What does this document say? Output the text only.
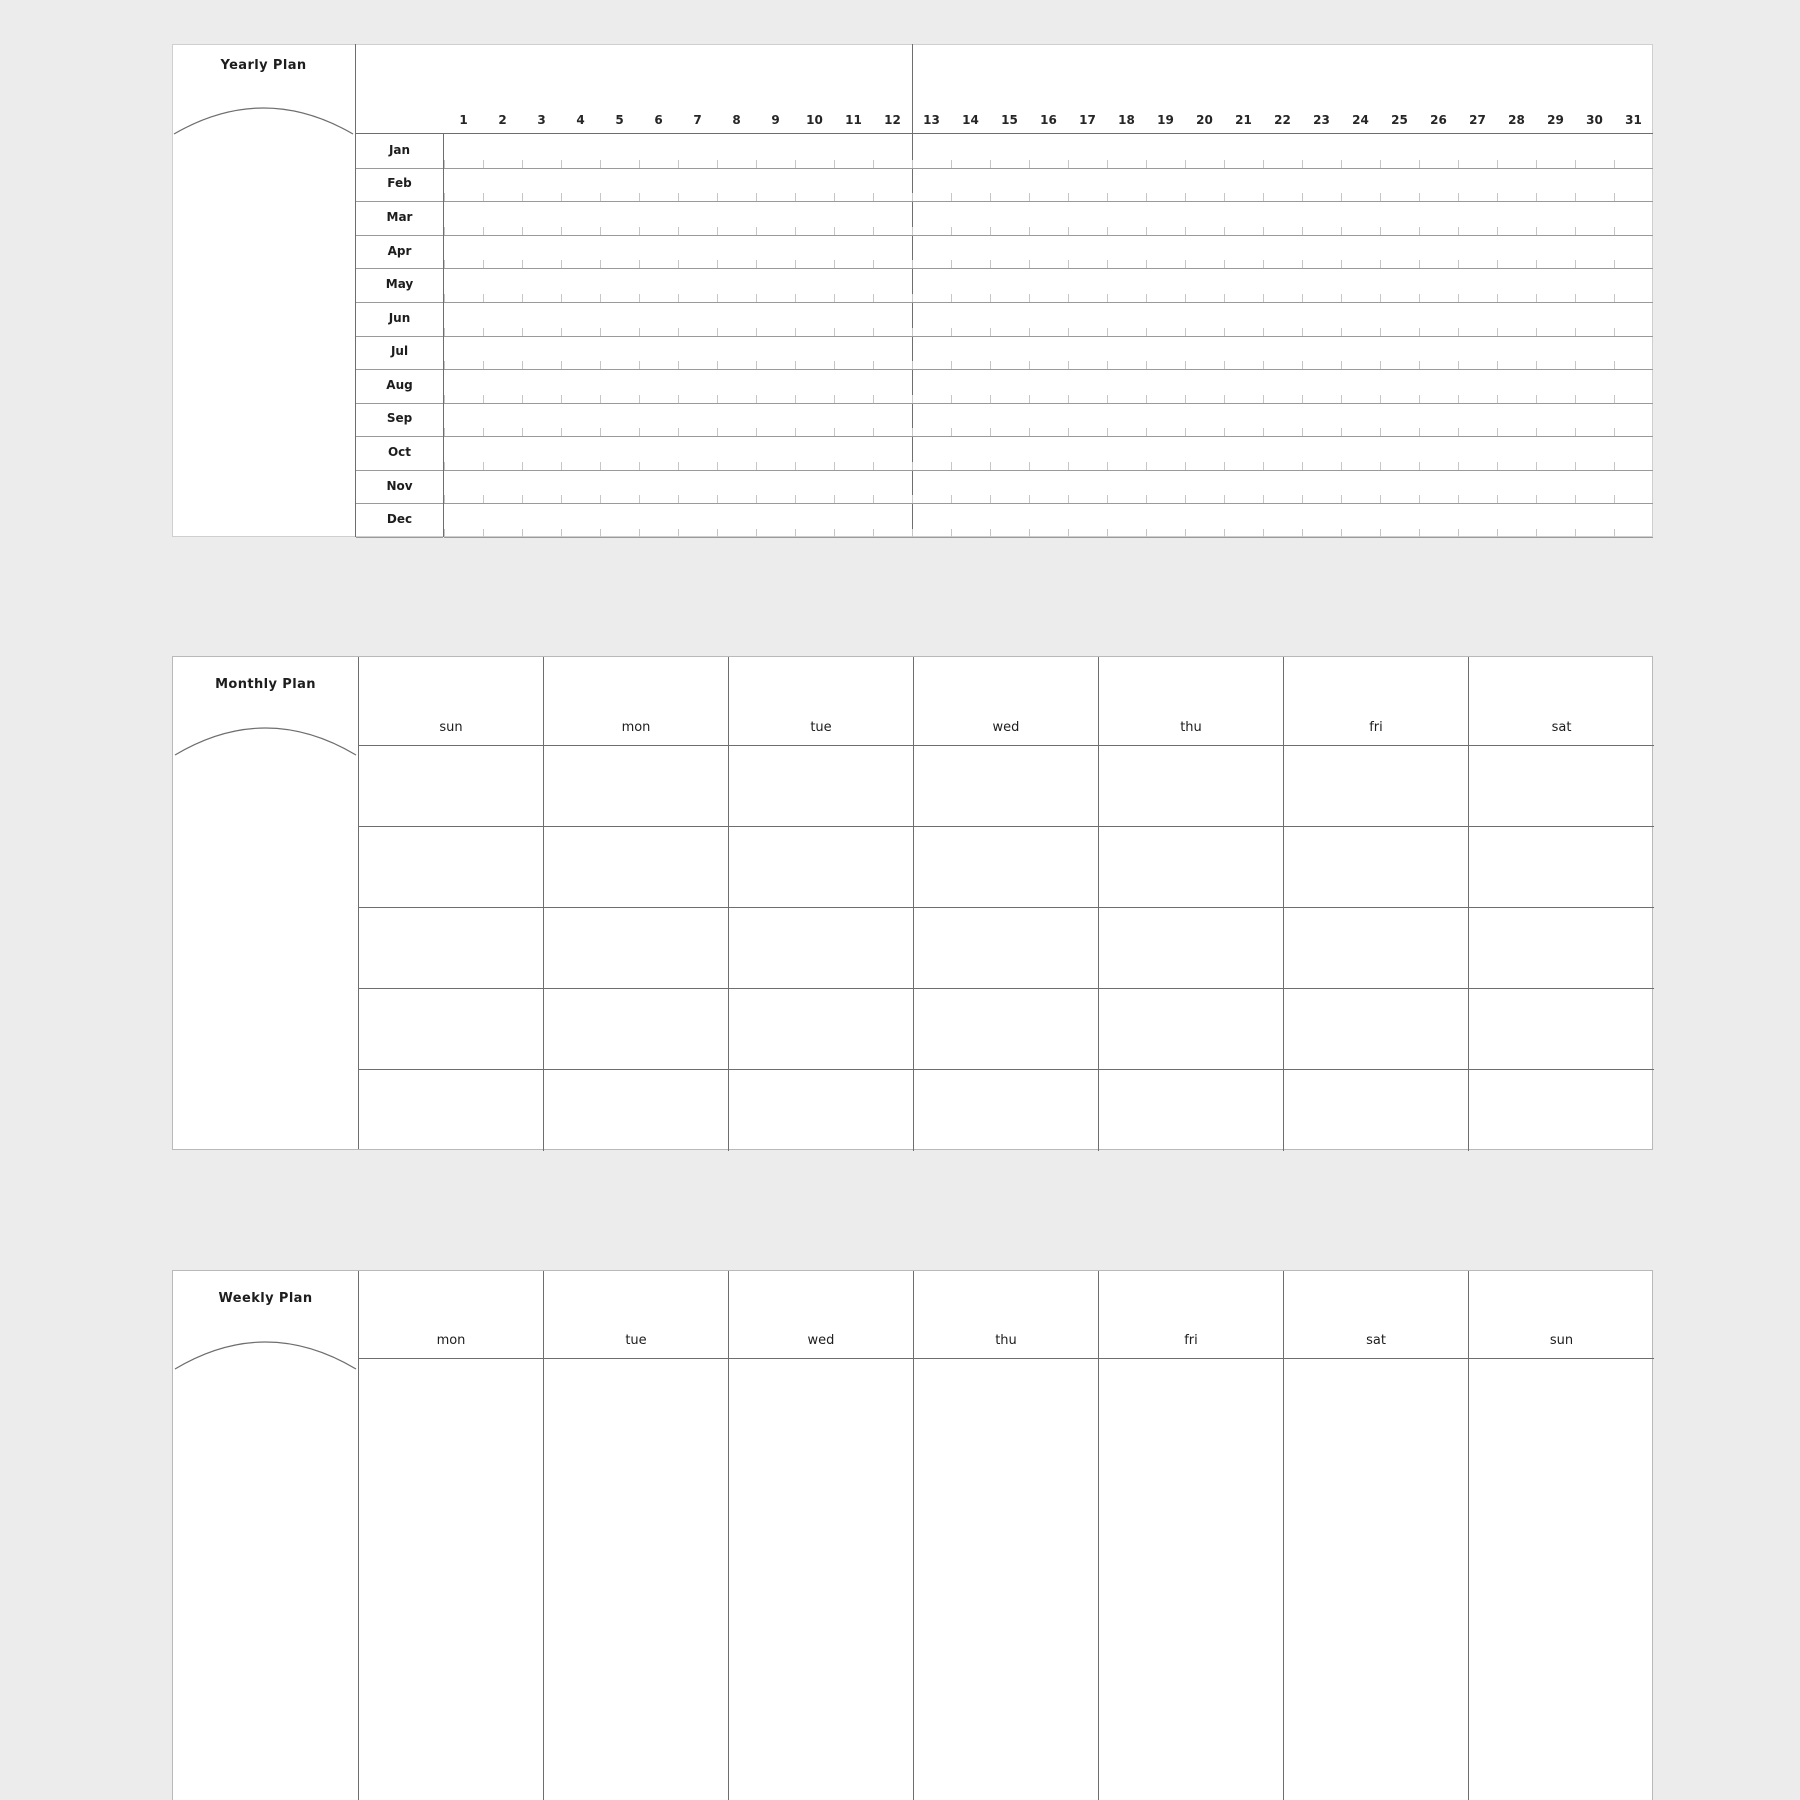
Yearly Plan
1	2	3	4	5	6	7	8	9	10	11	12	13	14	15	16	17	18	19	20	21	22	23	24	25	26	27	28	29	30	31
Jan
Feb
Mar
Apr
May
Jun
Jul
Aug
Sep
Oct
Nov
Dec
Monthly Plan
sun	mon	tue	wed	thu	fri	sat
Weekly Plan
mon	tue	wed	thu	fri	sat	sun
